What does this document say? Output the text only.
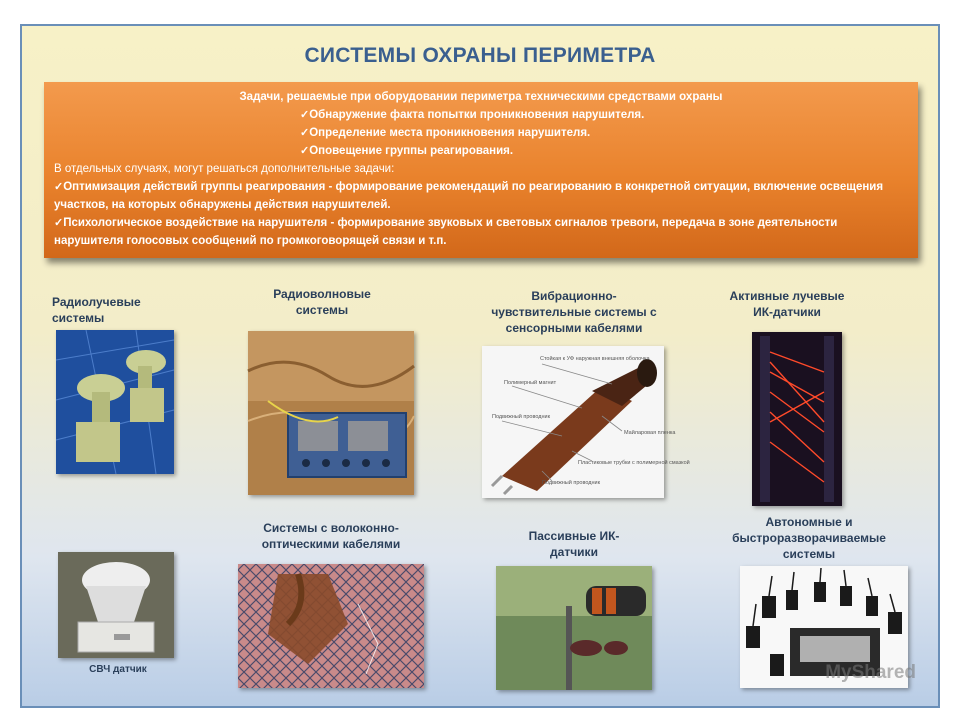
СИСТЕМЫ ОХРАНЫ ПЕРИМЕТРА
Задачи, решаемые при оборудовании периметра техническими средствами охраны
✓Обнаружение факта попытки проникновения нарушителя.
✓Определение места проникновения нарушителя.
✓Оповещение группы реагирования.
В отдельных случаях, могут решаться дополнительные задачи:
✓Оптимизация действий группы реагирования - формирование рекомендаций по реагированию в конкретной ситуации, включение освещения участков, на которых обнаружены действия нарушителей.
✓Психологическое воздействие на нарушителя - формирование звуковых и световых сигналов тревоги, передача в зоне деятельности нарушителя голосовых сообщений по громкоговорящей связи и т.п.
Радиолучевые системы
Радиоволновые системы
Вибрационно-чувствительные системы с сенсорными кабелями
Активные лучевые ИК-датчики
Стойкая к УФ наружная внешняя оболочка
Полимерный магнит
Подвижный проводник
Майларовая пленка
Пластиковые трубки с полимерной смазкой
Подвижный проводник
СВЧ датчик
Системы с волоконно-оптическими кабелями
Пассивные ИК-датчики
Автономные и быстроразворачиваемые системы
MyShared
